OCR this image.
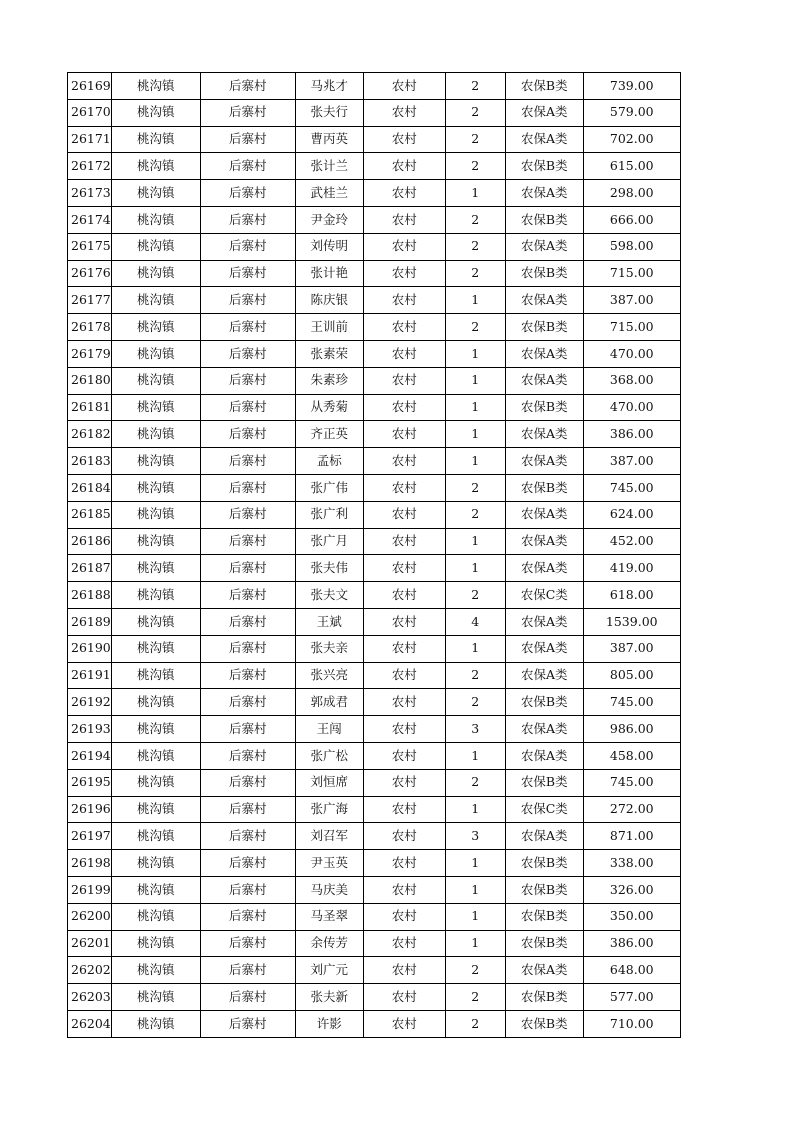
26169	桃沟镇	后寨村	马兆才	农村	2	农保B类	739.00
26170	桃沟镇	后寨村	张夫行	农村	2	农保A类	579.00
26171	桃沟镇	后寨村	曹丙英	农村	2	农保A类	702.00
26172	桃沟镇	后寨村	张计兰	农村	2	农保B类	615.00
26173	桃沟镇	后寨村	武桂兰	农村	1	农保A类	298.00
26174	桃沟镇	后寨村	尹金玲	农村	2	农保B类	666.00
26175	桃沟镇	后寨村	刘传明	农村	2	农保A类	598.00
26176	桃沟镇	后寨村	张计艳	农村	2	农保B类	715.00
26177	桃沟镇	后寨村	陈庆银	农村	1	农保A类	387.00
26178	桃沟镇	后寨村	王训前	农村	2	农保B类	715.00
26179	桃沟镇	后寨村	张素荣	农村	1	农保A类	470.00
26180	桃沟镇	后寨村	朱素珍	农村	1	农保A类	368.00
26181	桃沟镇	后寨村	从秀菊	农村	1	农保B类	470.00
26182	桃沟镇	后寨村	齐正英	农村	1	农保A类	386.00
26183	桃沟镇	后寨村	孟标	农村	1	农保A类	387.00
26184	桃沟镇	后寨村	张广伟	农村	2	农保B类	745.00
26185	桃沟镇	后寨村	张广利	农村	2	农保A类	624.00
26186	桃沟镇	后寨村	张广月	农村	1	农保A类	452.00
26187	桃沟镇	后寨村	张夫伟	农村	1	农保A类	419.00
26188	桃沟镇	后寨村	张夫文	农村	2	农保C类	618.00
26189	桃沟镇	后寨村	王斌	农村	4	农保A类	1539.00
26190	桃沟镇	后寨村	张夫亲	农村	1	农保A类	387.00
26191	桃沟镇	后寨村	张兴亮	农村	2	农保A类	805.00
26192	桃沟镇	后寨村	郭成君	农村	2	农保B类	745.00
26193	桃沟镇	后寨村	王闯	农村	3	农保A类	986.00
26194	桃沟镇	后寨村	张广松	农村	1	农保A类	458.00
26195	桃沟镇	后寨村	刘恒席	农村	2	农保B类	745.00
26196	桃沟镇	后寨村	张广海	农村	1	农保C类	272.00
26197	桃沟镇	后寨村	刘召军	农村	3	农保A类	871.00
26198	桃沟镇	后寨村	尹玉英	农村	1	农保B类	338.00
26199	桃沟镇	后寨村	马庆美	农村	1	农保B类	326.00
26200	桃沟镇	后寨村	马圣翠	农村	1	农保B类	350.00
26201	桃沟镇	后寨村	余传芳	农村	1	农保B类	386.00
26202	桃沟镇	后寨村	刘广元	农村	2	农保A类	648.00
26203	桃沟镇	后寨村	张夫新	农村	2	农保B类	577.00
26204	桃沟镇	后寨村	许影	农村	2	农保B类	710.00
